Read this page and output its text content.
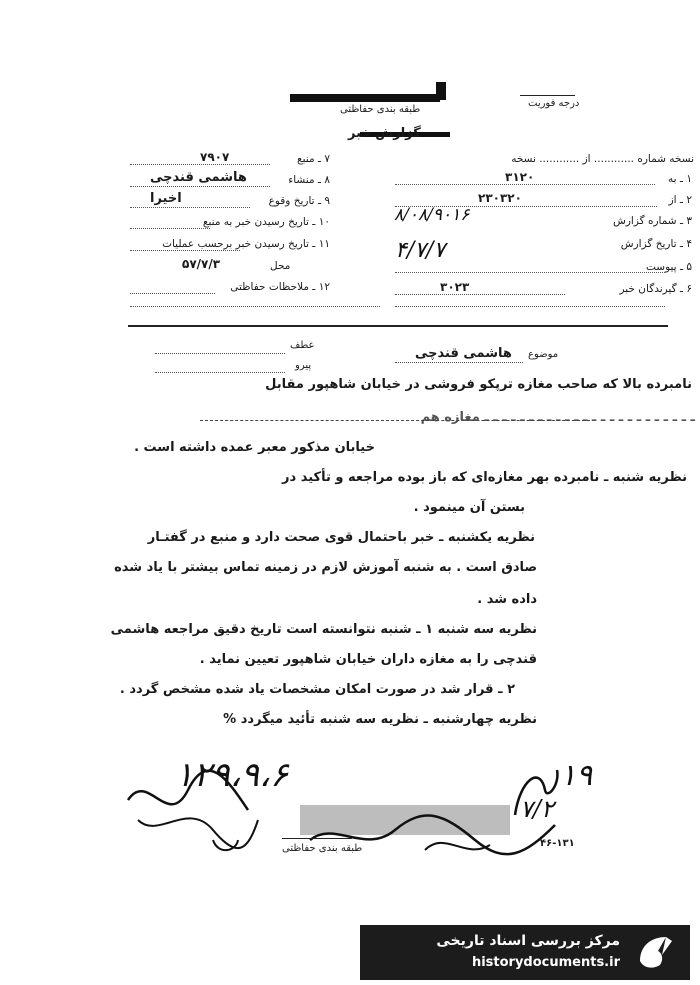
طبقه بندی حفاظتی
درجه فوریت
گزارش خبر
نسخه شماره ............ از ............ نسخه
۱ ـ به
۳۱۲۰
۲ ـ از
۲۳۰۳۲۰
۳ ـ شماره گزارش
۸/۰۸/۹۰۱۶
۴ ـ تاریخ گزارش
۴/۷/۷
۵ ـ پیوست
۶ ـ گیرندگان خبر
۳۰۲۳
۷ ـ منبع
۷۹۰۷
۸ ـ منشاء
هاشمی قندچی
۹ ـ تاریخ وقوع
اخیرا
۱۰ ـ تاریخ رسیدن خبر به منبع
۱۱ ـ تاریخ رسیدن خبر برحسب عملیات
محل
۵۷/۷/۳
۱۲ ـ ملاحظات حفاظتی
عطف
پیرو
موضوع
هاشمی قندچی
نامبرده بالا که صاحب مغازه ترپکو فروشی در خیابان شاهپور مقابل
ـ ـ ـ ـ ـ ـ ـ ـ ـ ـ ـ ـ ـ ـ ـ ـ ـ ـ ـ ـ ـ ـ ـ ـ مغازه هم
خیابان مذکور معبر عمده داشته است .
نظریه شنبه ـ نامبرده بهر مغازه‌ای که باز بوده مراجعه و تأکید در
بستن آن مینمود .
نظریه یکشنبه ـ خبر باحتمال قوی صحت دارد و منبع در گفتـار
صادق است . به شنبه آموزش لازم در زمینه تماس بیشتر با یاد شده
داده شد .
نظریه سه شنبه ۱ ـ شنبه نتوانسته است تاریخ دقیق مراجعه هاشمی
قندچی را به مغازه داران خیابان شاهپور تعیین نماید .
۲ ـ قرار شد در صورت امکان مشخصات یاد شده مشخص گردد .
نظریه چهارشنبه ـ نظریه سه شنبه تأئید میگردد %
۱۲۹،۹،۶	۱۹
۷/۲
طبقه بندی حفاظتی	۴۶-۱۳۱
مرکز بررسی اسناد تاریخی
historydocuments.ir
